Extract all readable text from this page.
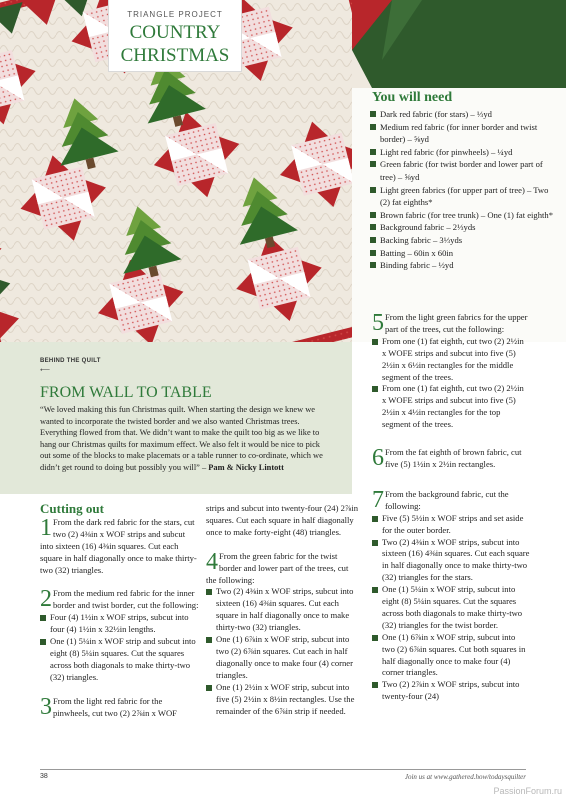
TRIANGLE PROJECT
COUNTRY
CHRISTMAS
You will need
Dark red fabric (for stars) – ⅓yd
Medium red fabric (for inner border and twist border) – ⅝yd
Light red fabric (for pinwheels) – ¼yd
Green fabric (for twist border and lower part of tree) – ⅝yd
Light green fabrics (for upper part of tree) – Two (2) fat eighths*
Brown fabric (for tree trunk) – One (1) fat eighth*
Background fabric – 2⅓yds
Backing fabric – 3⅓yds
Batting – 60in x 60in
Binding fabric – ½yd
BEHIND THE QUILT
⟵
FROM WALL TO TABLE

“We loved making this fun Christmas quilt. When starting the design we knew we wanted to incorporate the twisted border and we also wanted Christmas trees. Everything flowed from that. We didn’t want to make the quilt too big as we like to hang our Christmas quilts for maximum effect. We also felt it would be nice to pick out some of the blocks to make placemats or a table runner to co-ordinate, which we didn’t get round to doing but possibly you will” – Pam & Nicky Lintott

Cutting out
1 From the dark red fabric for the stars, cut two (2) 4⅜in x WOF strips and subcut into sixteen (16) 4⅜in squares. Cut each square in half diagonally once to make thirty-two (32) triangles.
2 From the medium red fabric for the inner border and twist border, cut the following:
Four (4) 1½in x WOF strips, subcut into four (4) 1½in x 32½in lengths.
One (1) 5¼in x WOF strip and subcut into eight (8) 5¼in squares. Cut the squares across both diagonals to make thirty-two (32) triangles.
3 From the light red fabric for the pinwheels, cut two (2) 2⅞in x WOF
strips and subcut into twenty-four (24) 2⅞in squares. Cut each square in half diagonally once to make forty-eight (48) triangles.
4 From the green fabric for the twist border and lower part of the trees, cut the following:
Two (2) 4⅜in x WOF strips, subcut into sixteen (16) 4⅜in squares. Cut each square in half diagonally once to make thirty-two (32) triangles.
One (1) 6⅞in x WOF strip, subcut into two (2) 6⅞in squares. Cut each in half diagonally once to make four (4) corner triangles.
One (1) 2½in x WOF strip, subcut into five (5) 2½in x 8½in rectangles. Use the remainder of the 6⅞in strip if needed.
5 From the light green fabrics for the upper part of the trees, cut the following:
From one (1) fat eighth, cut two (2) 2½in x WOFE strips and subcut into five (5) 2½in x 6½in rectangles for the middle segment of the trees.
From one (1) fat eighth, cut two (2) 2½in x WOFE strips and subcut into five (5) 2½in x 4½in rectangles for the top segment of the trees.
6 From the fat eighth of brown fabric, cut five (5) 1½in x 2½in rectangles.
7 From the background fabric, cut the following:
Five (5) 5½in x WOF strips and set aside for the outer border.
Two (2) 4⅜in x WOF strips, subcut into sixteen (16) 4⅜in squares. Cut each square in half diagonally once to make thirty-two (32) triangles for the stars.
One (1) 5¼in x WOF strip, subcut into eight (8) 5¼in squares. Cut the squares across both diagonals to make thirty-two (32) triangles for the twist border.
One (1) 6⅞in x WOF strip, subcut into two (2) 6⅞in squares. Cut both squares in half diagonally once to make four (4) corner triangles.
Two (2) 2⅞in x WOF strips, subcut into twenty-four (24)
38	Join us at www.gathered.how/todaysquilter
PassionForum.ru
